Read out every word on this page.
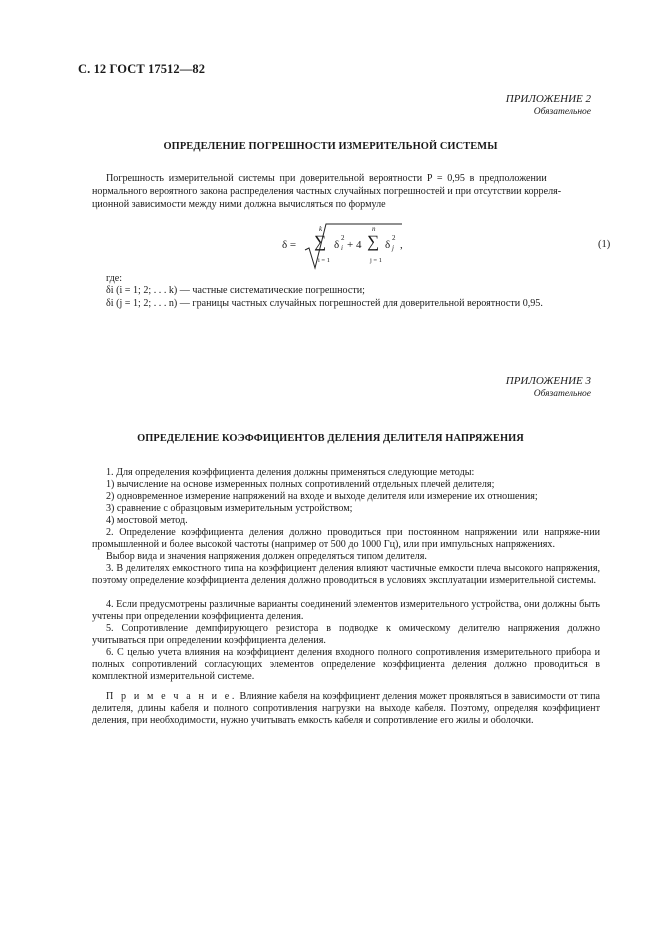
С. 12 ГОСТ 17512—82
ПРИЛОЖЕНИЕ 2
Обязательное
ОПРЕДЕЛЕНИЕ ПОГРЕШНОСТИ ИЗМЕРИТЕЛЬНОЙ СИСТЕМЫ
Погрешность измерительной системы при доверительной вероятности P = 0,95 в предположении
нормального вероятного закона распределения частных случайных погрешностей и при отсутствии корреля-
ционной зависимости между ними должна вычисляться по формуле
δ =
k
∑
i = 1
δ i
2
+ 4
n
∑
j = 1
δ j
2
,	(1)
где:
δi (i = 1; 2; . . . k) — частные систематические погрешности;
δi (j = 1; 2; . . . n) — границы частных случайных погрешностей для доверительной вероятности 0,95.
ПРИЛОЖЕНИЕ 3
Обязательное
ОПРЕДЕЛЕНИЕ КОЭФФИЦИЕНТОВ ДЕЛЕНИЯ ДЕЛИТЕЛЯ НАПРЯЖЕНИЯ
1. Для определения коэффициента деления должны применяться следующие методы:
1) вычисление на основе измеренных полных сопротивлений отдельных плечей делителя;
2) одновременное измерение напряжений на входе и выходе делителя или измерение их отношения;
3) сравнение с образцовым измерительным устройством;
4) мостовой метод.
2. Определение коэффициента деления должно проводиться при постоянном напряжении или напряже-нии промышленной и более высокой частоты (например от 500 до 1000 Гц), или при импульсных напряжениях.
Выбор вида и значения напряжения должен определяться типом делителя.
3. В делителях емкостного типа на коэффициент деления влияют частичные емкости плеча высокого напряжения, поэтому определение коэффициента деления должно проводиться в условиях эксплуатации измерительной системы.
4. Если предусмотрены различные варианты соединений элементов измерительного устройства, они должны быть учтены при определении коэффициента деления.
5. Сопротивление демпфирующего резистора в подводке к омическому делителю напряжения должно учитываться при определении коэффициента деления.
6. С целью учета влияния на коэффициент деления входного полного сопротивления измерительного прибора и полных сопротивлений согласующих элементов определение коэффициента деления должно проводиться в комплектной измерительной системе.
П р и м е ч а н и е. Влияние кабеля на коэффициент деления может проявляться в зависимости от типа делителя, длины кабеля и полного сопротивления нагрузки на выходе кабеля. Поэтому, определяя коэффициент деления, при необходимости, нужно учитывать емкость кабеля и сопротивление его жилы и оболочки.
